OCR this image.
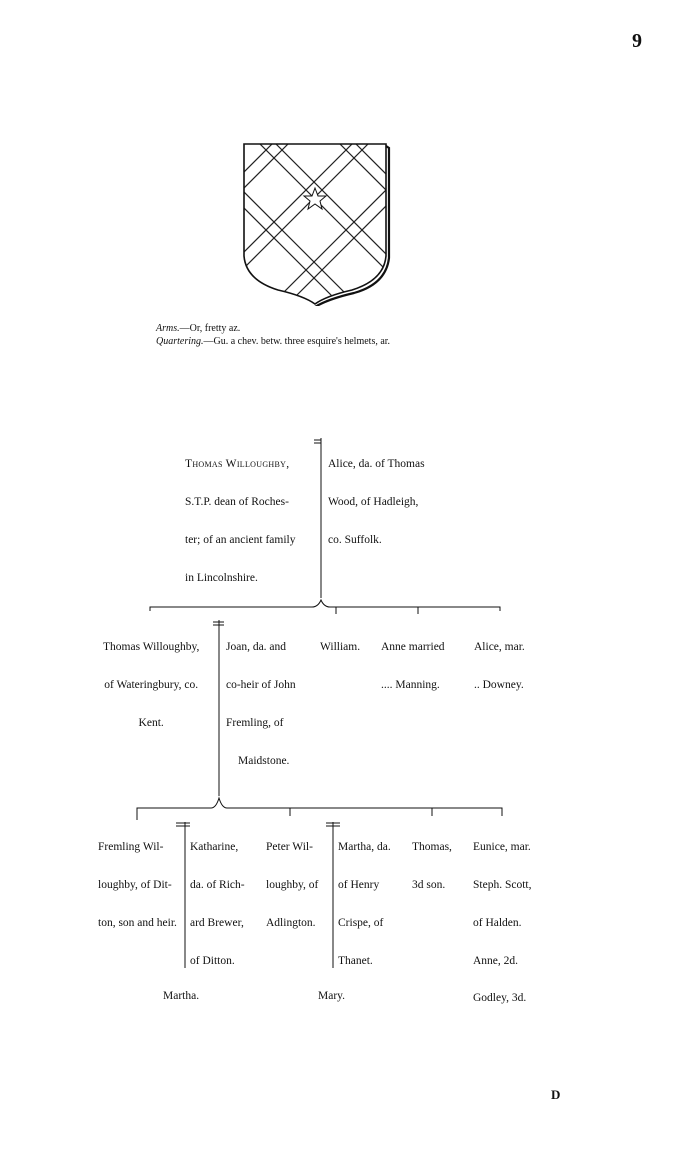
9
D
Arms.—Or, fretty az.
Quartering.—Gu. a chev. betw. three esquire's helmets, ar.

Thomas Willoughby,

S.T.P. dean of Roches-

ter; of an ancient family

in Lincolnshire.

Alice, da. of Thomas

Wood, of Hadleigh,

co. Suffolk.

Thomas Willoughby,

of Wateringbury, co.

Kent.

Joan, da. and

co-heir of John

Fremling, of

Maidstone.

William.

Anne married

.... Manning.

Alice, mar.

.. Downey.

Fremling Wil-

loughby, of Dit-

ton, son and heir.

Katharine,

da. of Rich-

ard Brewer,

of Ditton.

Peter Wil-

loughby, of

Adlington.

Martha, da.

of Henry

Crispe, of

Thanet.

Thomas,

3d son.

Eunice, mar.

Steph. Scott,

of Halden.

Anne, 2d.

Godley, 3d.

Martha.

	Mary.
